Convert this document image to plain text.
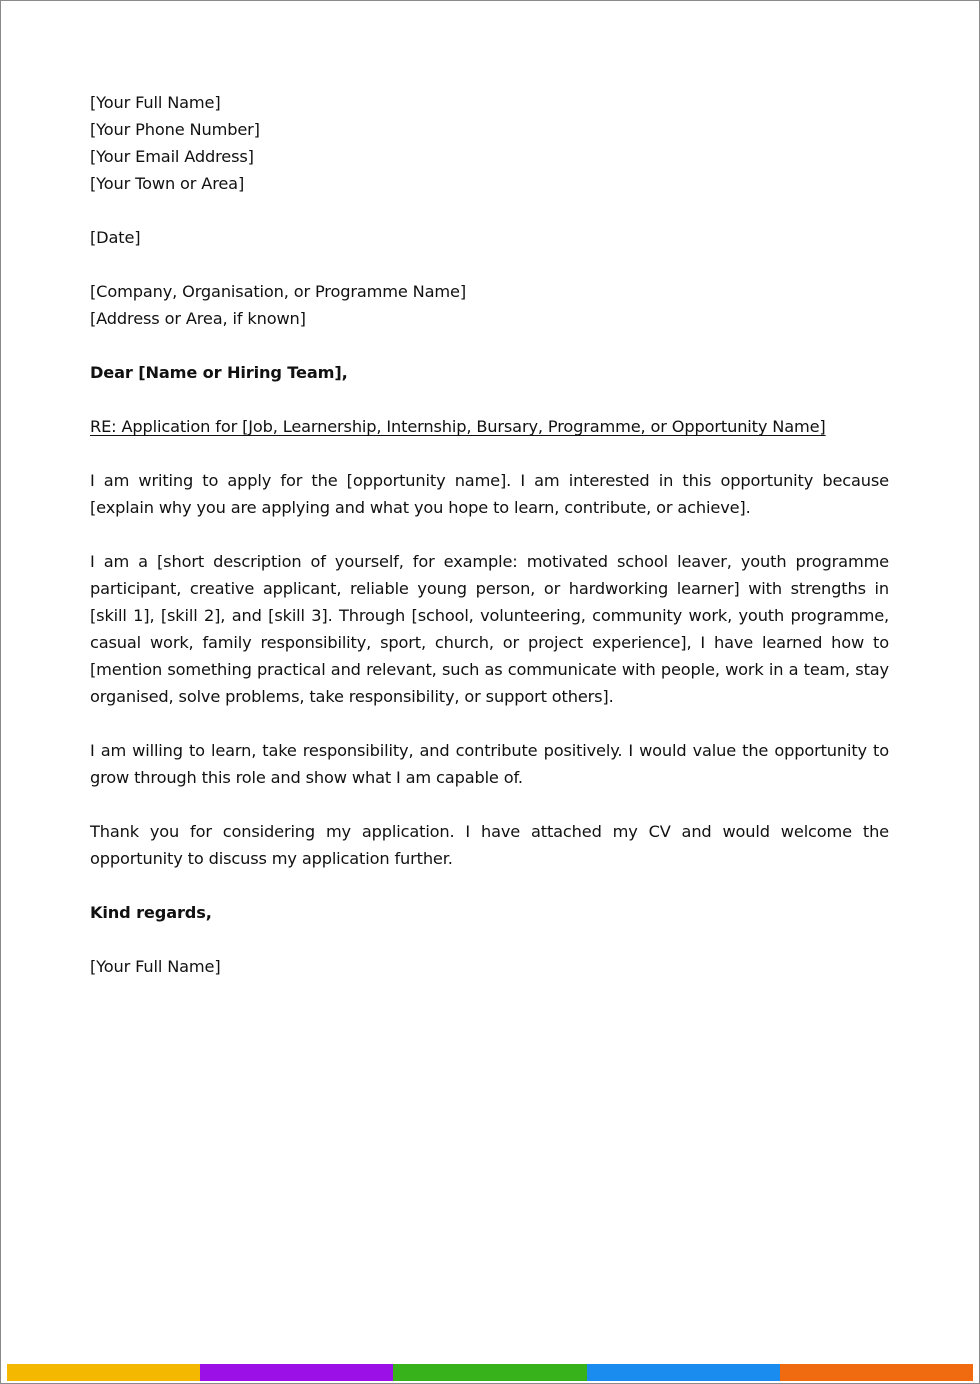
[Your Full Name]
[Your Phone Number]
[Your Email Address]
[Your Town or Area]
[Date]
[Company, Organisation, or Programme Name]
[Address or Area, if known]
Dear [Name or Hiring Team],
RE: Application for [Job, Learnership, Internship, Bursary, Programme, or Opportunity Name]

I am writing to apply for the [opportunity name]. I am interested in this opportunity because [explain why you are applying and what you hope to learn, contribute, or achieve].

I am a [short description of yourself, for example: motivated school leaver, youth programme participant, creative applicant, reliable young person, or hardworking learner] with strengths in [skill 1], [skill 2], and [skill 3]. Through [school, volunteering, community work, youth programme, casual work, family responsibility, sport, church, or project experience], I have learned how to [mention something practical and relevant, such as communicate with people, work in a team, stay organised, solve problems, take responsibility, or support others].

I am willing to learn, take responsibility, and contribute positively. I would value the opportunity to grow through this role and show what I am capable of.

Thank you for considering my application. I have attached my CV and would welcome the opportunity to discuss my application further.

Kind regards,
[Your Full Name]
